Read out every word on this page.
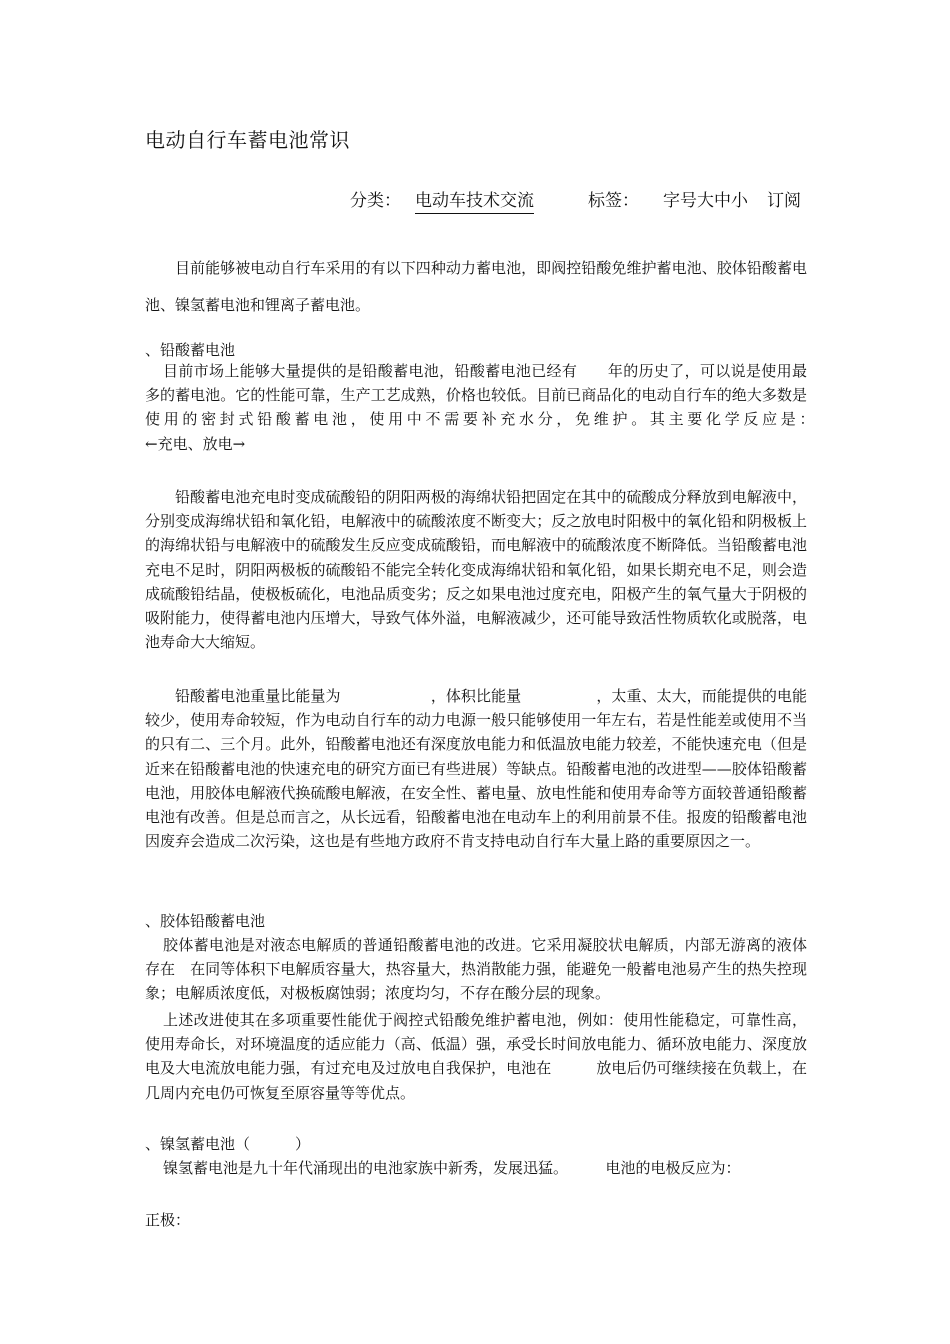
电动自行车蓄电池常识
分类： 电动车技术交流	标签： 字号大中小 订阅

目前能够被电动自行车采用的有以下四种动力蓄电池，即阀控铅酸免维护蓄电池、胶体铅酸蓄电池、镍氢蓄电池和锂离子蓄电池。

、铅酸蓄电池

目前市场上能够大量提供的是铅酸蓄电池，铅酸蓄电池已经有　　年的历史了，可以说是使用最多的蓄电池。它的性能可靠，生产工艺成熟，价格也较低。目前已商品化的电动自行车的绝大多数是使用的密封式铅酸蓄电池，使用中不需要补充水分，免维护。其主要化学反应是：　　　　　　　　←充电、放电→

铅酸蓄电池充电时变成硫酸铅的阴阳两极的海绵状铅把固定在其中的硫酸成分释放到电解液中，分别变成海绵状铅和氧化铅，电解液中的硫酸浓度不断变大；反之放电时阳极中的氧化铅和阴极板上的海绵状铅与电解液中的硫酸发生反应变成硫酸铅，而电解液中的硫酸浓度不断降低。当铅酸蓄电池充电不足时，阴阳两极板的硫酸铅不能完全转化变成海绵状铅和氧化铅，如果长期充电不足，则会造成硫酸铅结晶，使极板硫化，电池品质变劣；反之如果电池过度充电，阳极产生的氧气量大于阴极的吸附能力，使得蓄电池内压增大，导致气体外溢，电解液减少，还可能导致活性物质软化或脱落，电池寿命大大缩短。

铅酸蓄电池重量比能量为　　　　　　，体积比能量　　　　　，太重、太大，而能提供的电能较少，使用寿命较短，作为电动自行车的动力电源一般只能够使用一年左右，若是性能差或使用不当的只有二、三个月。此外，铅酸蓄电池还有深度放电能力和低温放电能力较差，不能快速充电（但是近来在铅酸蓄电池的快速充电的研究方面已有些进展）等缺点。铅酸蓄电池的改进型——胶体铅酸蓄电池，用胶体电解液代换硫酸电解液，在安全性、蓄电量、放电性能和使用寿命等方面较普通铅酸蓄电池有改善。但是总而言之，从长远看，铅酸蓄电池在电动车上的利用前景不佳。报废的铅酸蓄电池因废弃会造成二次污染，这也是有些地方政府不肯支持电动自行车大量上路的重要原因之一。

、胶体铅酸蓄电池

胶体蓄电池是对液态电解质的普通铅酸蓄电池的改进。它采用凝胶状电解质，内部无游离的液体存在　在同等体积下电解质容量大，热容量大，热消散能力强，能避免一般蓄电池易产生的热失控现象；电解质浓度低，对极板腐蚀弱；浓度均匀，不存在酸分层的现象。

上述改进使其在多项重要性能优于阀控式铅酸免维护蓄电池，例如：使用性能稳定，可靠性高，使用寿命长，对环境温度的适应能力（高、低温）强，承受长时间放电能力、循环放电能力、深度放电及大电流放电能力强，有过充电及过放电自我保护，电池在　　　放电后仍可继续接在负载上，在几周内充电仍可恢复至原容量等等优点。

、镍氢蓄电池（　　　）

镍氢蓄电池是九十年代涌现出的电池家族中新秀，发展迅猛。　　　电池的电极反应为：

正极：
